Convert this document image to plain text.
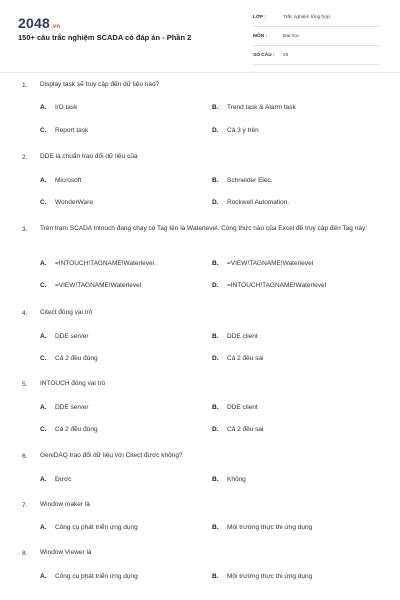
2048.vn
150+ câu trắc nghiệm SCADA có đáp án - Phần 2
LỚP :	Trắc nghiệm tổng hợp
MÔN :	Đại học
SỐ CÂU : 25
1. Display task sẽ truy cập đến dữ liệu nào?
A. I/O task	B. Trend task & Alarm task
C. Report task	D. Cả 3 ý trên
2. DDE là chuẩn trao đổi dữ liệu của
A. Microsoft	B. Schneider Elec.
C. WonderWare	D. Rockwell Automation.
3. Trên trạm SCADA Intouch đang chạy có Tag tên là Waterlevel. Công thức nào của Excel để truy cập đến Tag này:
A. =INTOUCH!TAGNAME!Waterlevel	B. =VIEW!TAGNAME!Waterlevel
C. =VIEW!TAGNAME!Waterlevel	D. =INTOUCH!TAGNAME!Waterlevel
4. Citect đóng vai trò
A. DDE server	B. DDE client
C. Cả 2 đều đúng	D. Cả 2 đều sai
5. INTOUCH đóng vai trò
A. DDE server	B. DDE client
C. Cả 2 đều đúng	D. Cả 2 đều sai
6. GeniDAQ trao đổi dữ liệu với Citect được không?
A. Được	B. Không
7. Window maker là
A. Công cụ phát triển ứng dụng	B. Môi trường thực thi ứng dụng
8. Window Viewer là
A. Công cụ phát triển ứng dụng	B. Môi trường thực thi ứng dụng
